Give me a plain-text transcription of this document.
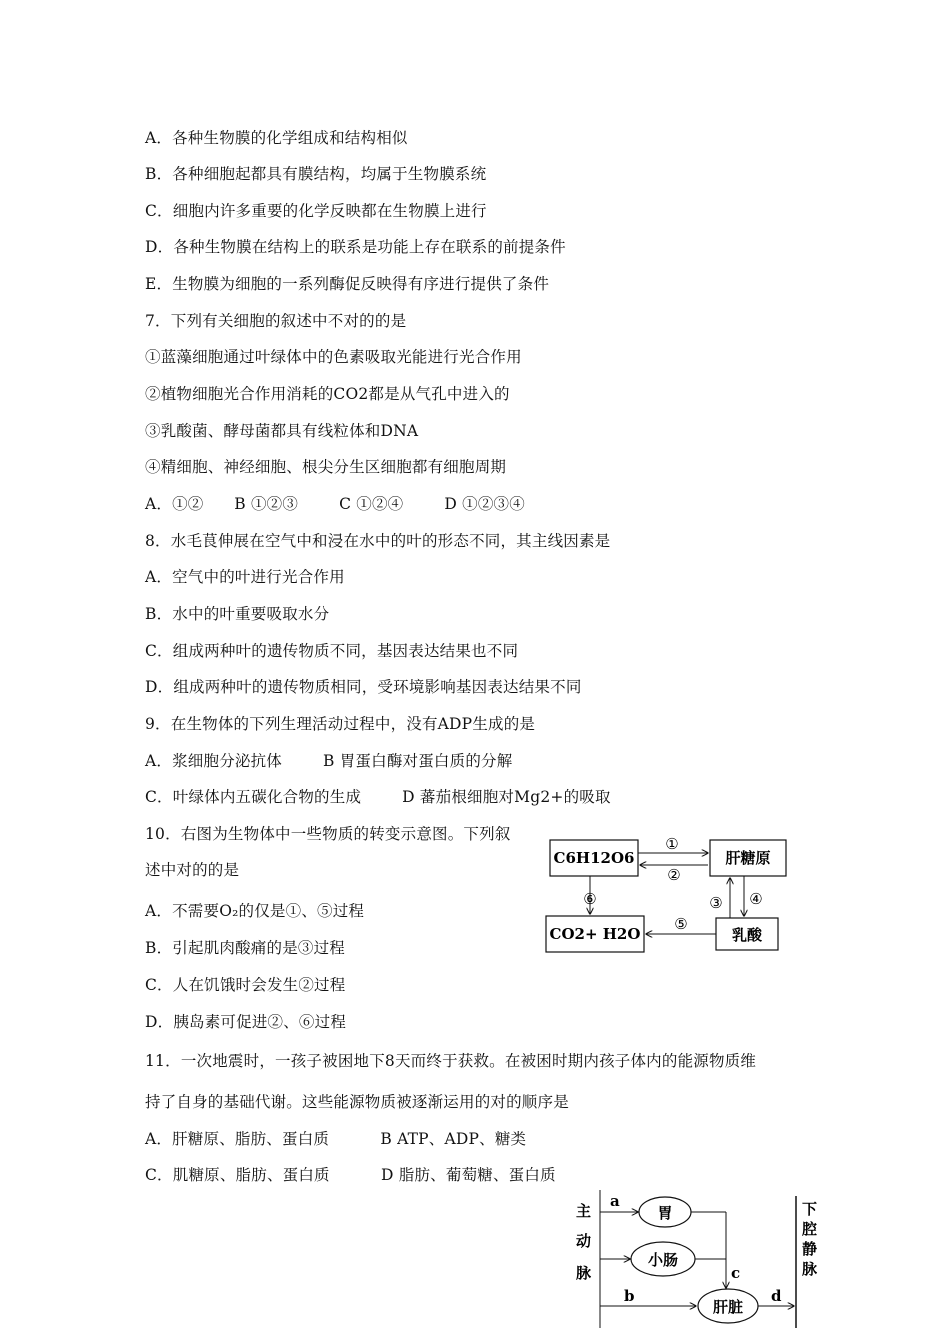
A．各种生物膜的化学组成和结构相似
B．各种细胞起都具有膜结构，均属于生物膜系统
C．细胞内许多重要的化学反映都在生物膜上进行
D．各种生物膜在结构上的联系是功能上存在联系的前提条件
E．生物膜为细胞的一系列酶促反映得有序进行提供了条件
7．下列有关细胞的叙述中不对的的是
①蓝藻细胞通过叶绿体中的色素吸取光能进行光合作用
②植物细胞光合作用消耗的CO2都是从气孔中进入的
③乳酸菌、酵母菌都具有线粒体和DNA
④精细胞、神经细胞、根尖分生区细胞都有细胞周期
A．①②      B ①②③        C ①②④        D ①②③④
8．水毛茛伸展在空气中和浸在水中的叶的形态不同，其主线因素是
A．空气中的叶进行光合作用
B．水中的叶重要吸取水分
C．组成两种叶的遗传物质不同，基因表达结果也不同
D．组成两种叶的遗传物质相同，受环境影响基因表达结果不同
9．在生物体的下列生理活动过程中，没有ADP生成的是
A．浆细胞分泌抗体        B 胃蛋白酶对蛋白质的分解
C．叶绿体内五碳化合物的生成        D 蕃茄根细胞对Mg2+的吸取
10．右图为生物体中一些物质的转变示意图。下列叙
述中对的的是
A．不需要O₂的仅是①、⑤过程
B．引起肌肉酸痛的是③过程
C．人在饥饿时会发生②过程
D．胰岛素可促进②、⑥过程
11．一次地震时，一孩子被困地下8天而终于获救。在被困时期内孩子体内的能源物质维
持了自身的基础代谢。这些能源物质被逐渐运用的对的顺序是
A．肝糖原、脂肪、蛋白质          B ATP、ADP、糖类
C．肌糖原、脂肪、蛋白质          D 脂肪、葡萄糖、蛋白质
C6H12O6	肝糖原
CO2+ H2O	乳酸
①
②
③ ④
⑤
⑥
主
动
脉
胃
小肠
肝脏
a
c
b	d
下
腔
静
脉
